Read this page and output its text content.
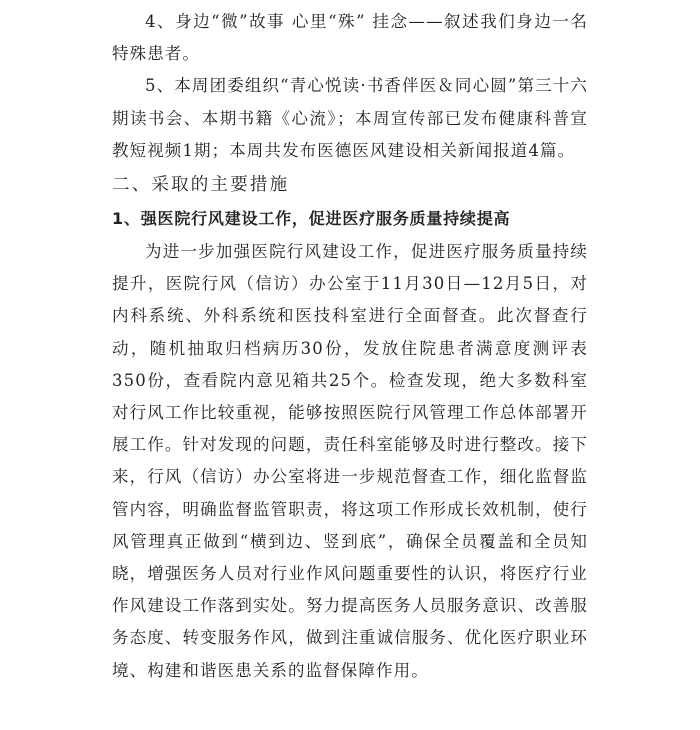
4、身边“微”故事 心里“殊” 挂念——叙述我们身边一名特殊患者。

5、本周团委组织“青心悦读·书香伴医＆同心圆”第三十六期读书会、本期书籍《心流》；本周宣传部已发布健康科普宣教短视频1期；本周共发布医德医风建设相关新闻报道4篇。

二、采取的主要措施

1、强医院行风建设工作，促进医疗服务质量持续提高

为进一步加强医院行风建设工作，促进医疗服务质量持续提升，医院行风（信访）办公室于11月30日—12月5日，对内科系统、外科系统和医技科室进行全面督查。此次督查行动，随机抽取归档病历30份，发放住院患者满意度测评表350份，查看院内意见箱共25个。检查发现，绝大多数科室对行风工作比较重视，能够按照医院行风管理工作总体部署开展工作。针对发现的问题，责任科室能够及时进行整改。接下来，行风（信访）办公室将进一步规范督查工作，细化监督监管内容，明确监督监管职责，将这项工作形成长效机制，使行风管理真正做到“横到边、竖到底”，确保全员覆盖和全员知晓，增强医务人员对行业作风问题重要性的认识，将医疗行业作风建设工作落到实处。努力提高医务人员服务意识、改善服务态度、转变服务作风，做到注重诚信服务、优化医疗职业环境、构建和谐医患关系的监督保障作用。
